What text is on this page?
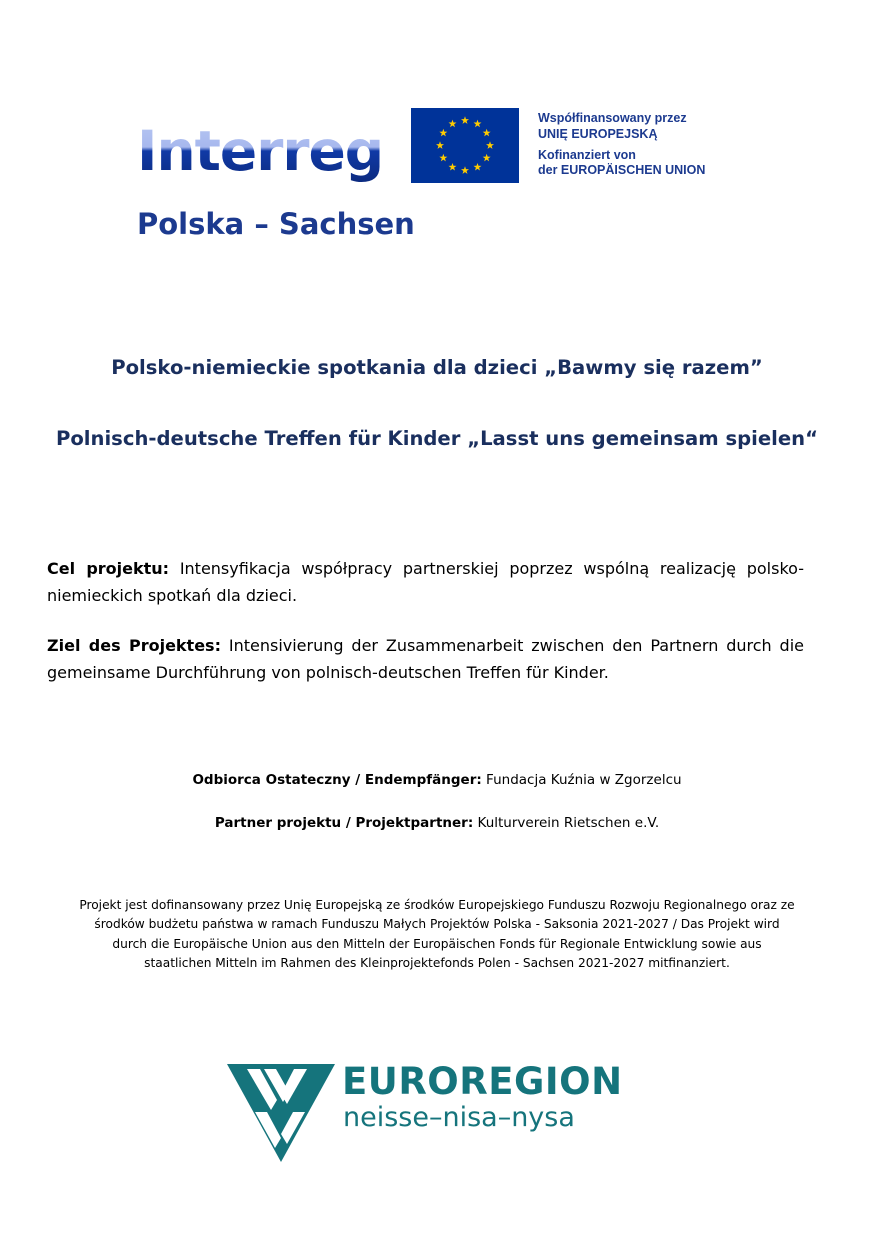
Interreg
Polska – Sachsen
Współfinansowany przez
UNIĘ EUROPEJSKĄ
Kofinanziert von
der EUROPÄISCHEN UNION
Polsko-niemieckie spotkania dla dzieci „Bawmy się razem”
Polnisch-deutsche Treffen für Kinder „Lasst uns gemeinsam spielen“
Cel projektu: Intensyfikacja współpracy partnerskiej poprzez wspólną realizację polsko-niemieckich spotkań dla dzieci.
Ziel des Projektes: Intensivierung der Zusammenarbeit zwischen den Partnern durch die gemeinsame Durchführung von polnisch-deutschen Treffen für Kinder.
Odbiorca Ostateczny / Endempfänger: Fundacja Kuźnia w Zgorzelcu
Partner projektu / Projektpartner: Kulturverein Rietschen e.V.
Projekt jest dofinansowany przez Unię Europejską ze środków Europejskiego Funduszu Rozwoju Regionalnego oraz ze środków budżetu państwa w ramach Funduszu Małych Projektów Polska - Saksonia 2021-2027 / Das Projekt wird durch die Europäische Union aus den Mitteln der Europäischen Fonds für Regionale Entwicklung sowie aus staatlichen Mitteln im Rahmen des Kleinprojektefonds Polen - Sachsen 2021-2027 mitfinanziert.
EUROREGION
neisse–nisa–nysa
